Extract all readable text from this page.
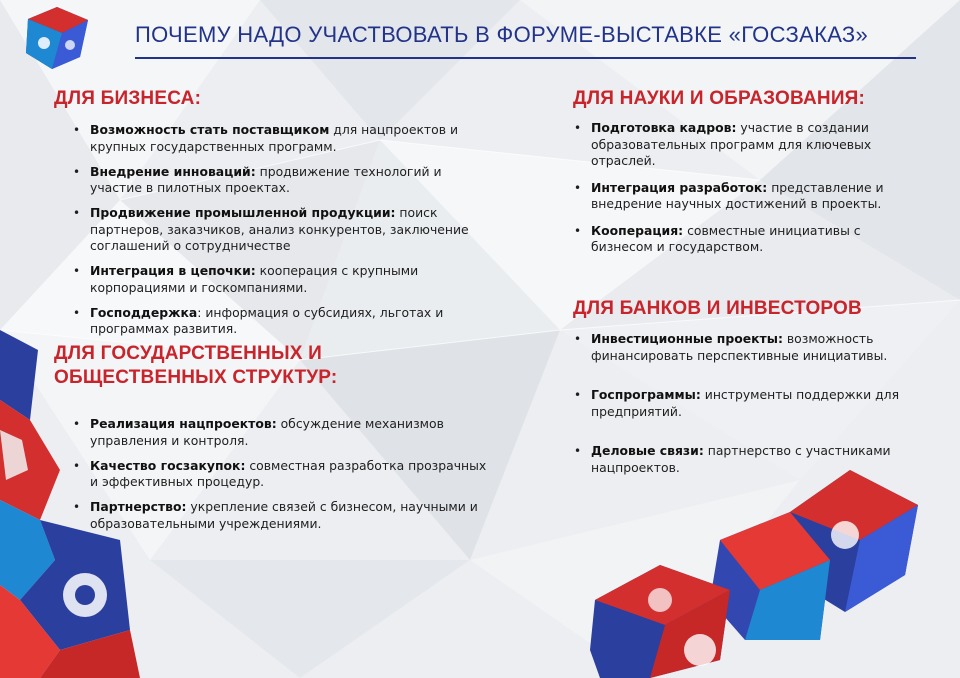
ПОЧЕМУ НАДО УЧАСТВОВАТЬ В ФОРУМЕ-ВЫСТАВКЕ «ГОСЗАКАЗ»
ДЛЯ БИЗНЕСА:
• Возможность стать поставщиком для нацпроектов и крупных государственных программ.
• Внедрение инноваций: продвижение технологий и участие в пилотных проектах.
• Продвижение промышленной продукции: поиск партнеров, заказчиков, анализ конкурентов, заключение соглашений о сотрудничестве
• Интеграция в цепочки: кооперация с крупными корпорациями и госкомпаниями.
• Господдержка: информация о субсидиях, льготах и программах развития.
ДЛЯ ГОСУДАРСТВЕННЫХ И
ОБЩЕСТВЕННЫХ СТРУКТУР:
• Реализация нацпроектов: обсуждение механизмов управления и контроля.
• Качество госзакупок: совместная разработка прозрачных и эффективных процедур.
• Партнерство: укрепление связей с бизнесом, научными и образовательными учреждениями.
ДЛЯ НАУКИ И ОБРАЗОВАНИЯ:
• Подготовка кадров: участие в создании образовательных программ для ключевых отраслей.
• Интеграция разработок: представление и внедрение научных достижений в проекты.
• Кооперация: совместные инициативы с бизнесом и государством.
ДЛЯ БАНКОВ И ИНВЕСТОРОВ
• Инвестиционные проекты: возможность финансировать перспективные инициативы.
• Госпрограммы: инструменты поддержки для предприятий.
• Деловые связи: партнерство с участниками нацпроектов.
